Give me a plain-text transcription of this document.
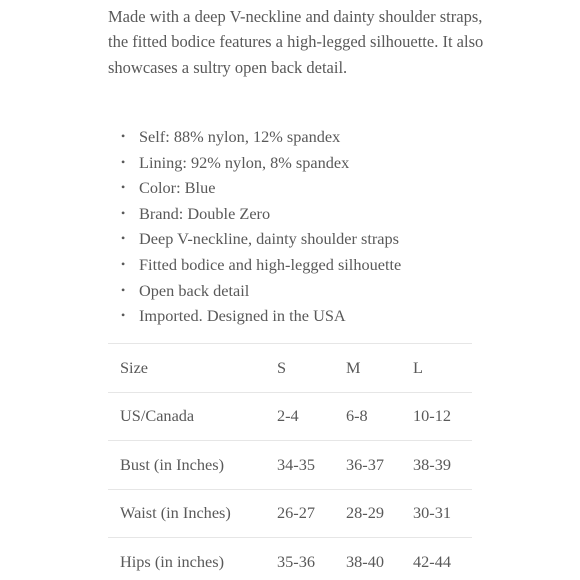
Made with a deep V-neckline and dainty shoulder straps, the fitted bodice features a high-legged silhouette. It also showcases a sultry open back detail.

• Self: 88% nylon, 12% spandex
• Lining: 92% nylon, 8% spandex
• Color: Blue
• Brand: Double Zero
• Deep V-neckline, dainty shoulder straps
• Fitted bodice and high-legged silhouette
• Open back detail
• Imported. Designed in the USA
Size	S	M	L
US/Canada	2-4	6-8	10-12
Bust (in Inches)	34-35	36-37	38-39
Waist (in Inches)	26-27	28-29	30-31
Hips (in inches)	35-36	38-40	42-44
